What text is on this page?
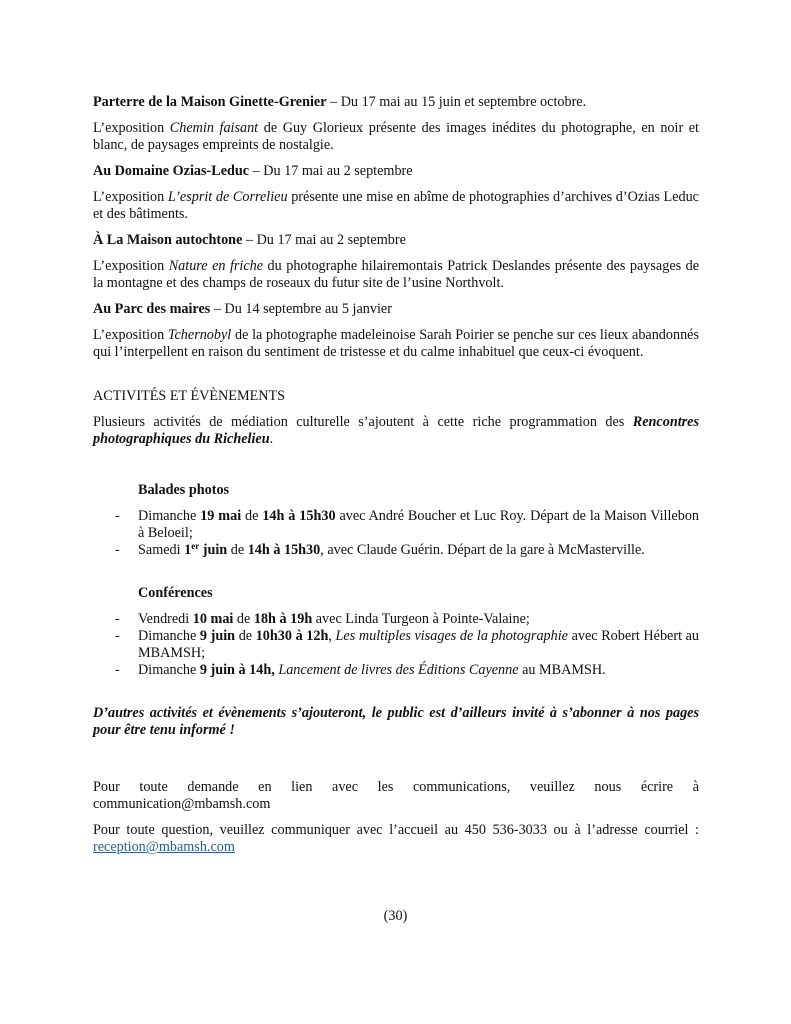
Parterre de la Maison Ginette-Grenier – Du 17 mai au 15 juin et septembre octobre.

L’exposition Chemin faisant de Guy Glorieux présente des images inédites du photographe, en noir et blanc, de paysages empreints de nostalgie.

Au Domaine Ozias-Leduc – Du 17 mai au 2 septembre

L’exposition L’esprit de Correlieu présente une mise en abîme de photographies d’archives d’Ozias Leduc et des bâtiments.

À La Maison autochtone – Du 17 mai au 2 septembre

L’exposition Nature en friche du photographe hilairemontais Patrick Deslandes présente des paysages de la montagne et des champs de roseaux du futur site de l’usine Northvolt.

Au Parc des maires – Du 14 septembre au 5 janvier

L’exposition Tchernobyl de la photographe madeleinoise Sarah Poirier se penche sur ces lieux abandonnés qui l’interpellent en raison du sentiment de tristesse et du calme inhabituel que ceux-ci évoquent.

ACTIVITÉS ET ÉVÈNEMENTS

Plusieurs activités de médiation culturelle s’ajoutent à cette riche programmation des Rencontres photographiques du Richelieu.

Balades photos

- Dimanche 19 mai de 14h à 15h30 avec André Boucher et Luc Roy. Départ de la Maison Villebon à Beloeil;
- Samedi 1er juin de 14h à 15h30, avec Claude Guérin. Départ de la gare à McMasterville.

Conférences

- Vendredi 10 mai de 18h à 19h avec Linda Turgeon à Pointe-Valaine;
- Dimanche 9 juin de 10h30 à 12h, Les multiples visages de la photographie avec Robert Hébert au MBAMSH;
- Dimanche 9 juin à 14h, Lancement de livres des Éditions Cayenne au MBAMSH.

D’autres activités et évènements s’ajouteront, le public est d’ailleurs invité à s’abonner à nos pages pour être tenu informé !

Pour toute demande en lien avec les communications, veuillez nous écrire à communication@mbamsh.com

Pour toute question, veuillez communiquer avec l’accueil au 450 536-3033 ou à l’adresse courriel : reception@mbamsh.com

(30)
